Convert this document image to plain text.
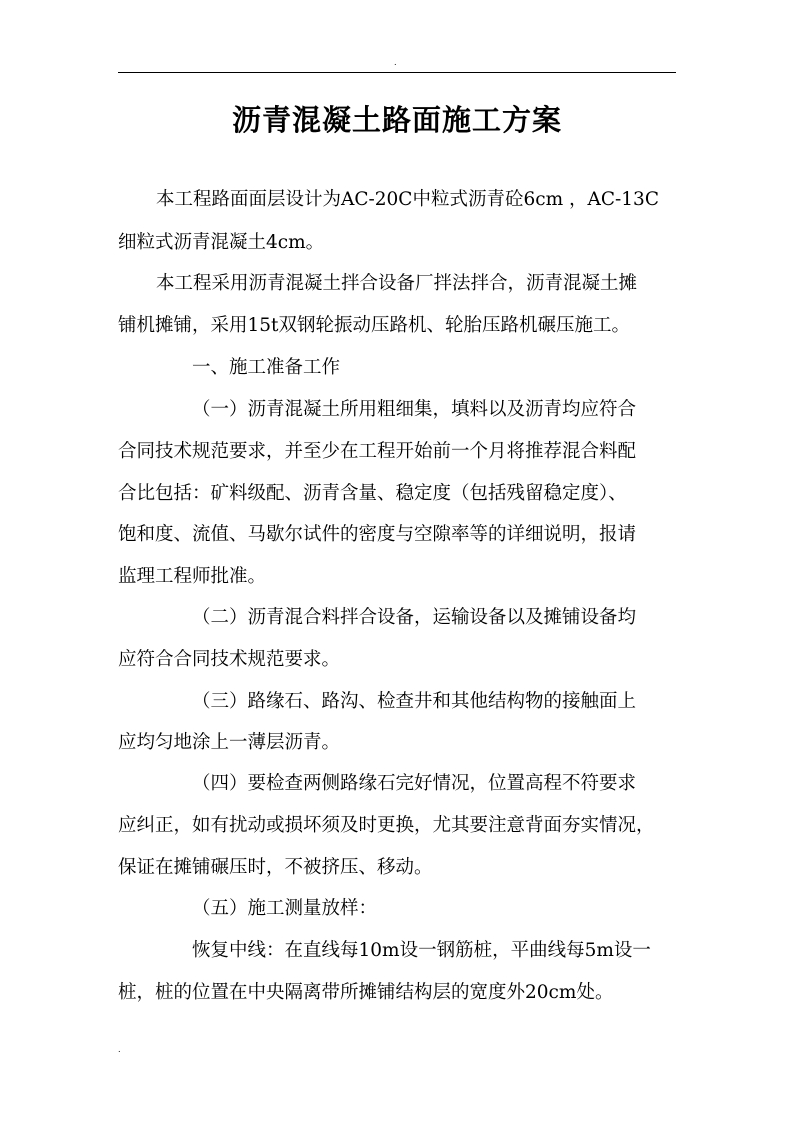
.
沥青混凝土路面施工方案
本工程路面面层设计为AC-20C中粒式沥青砼6cm ，AC-13C
细粒式沥青混凝土4cm。
本工程采用沥青混凝土拌合设备厂拌法拌合，沥青混凝土摊
铺机摊铺，采用15t双钢轮振动压路机、轮胎压路机碾压施工。
一、施工准备工作
（一）沥青混凝土所用粗细集，填料以及沥青均应符合
合同技术规范要求，并至少在工程开始前一个月将推荐混合料配
合比包括：矿料级配、沥青含量、稳定度（包括残留稳定度）、
饱和度、流值、马歇尔试件的密度与空隙率等的详细说明，报请
监理工程师批准。
（二）沥青混合料拌合设备，运输设备以及摊铺设备均
应符合合同技术规范要求。
（三）路缘石、路沟、检查井和其他结构物的接触面上
应均匀地涂上一薄层沥青。
（四）要检查两侧路缘石完好情况，位置高程不符要求
应纠正，如有扰动或损坏须及时更换，尤其要注意背面夯实情况，
保证在摊铺碾压时，不被挤压、移动。
（五）施工测量放样：
恢复中线：在直线每10m设一钢筋桩，平曲线每5m设一
桩，桩的位置在中央隔离带所摊铺结构层的宽度外20cm处。
.
